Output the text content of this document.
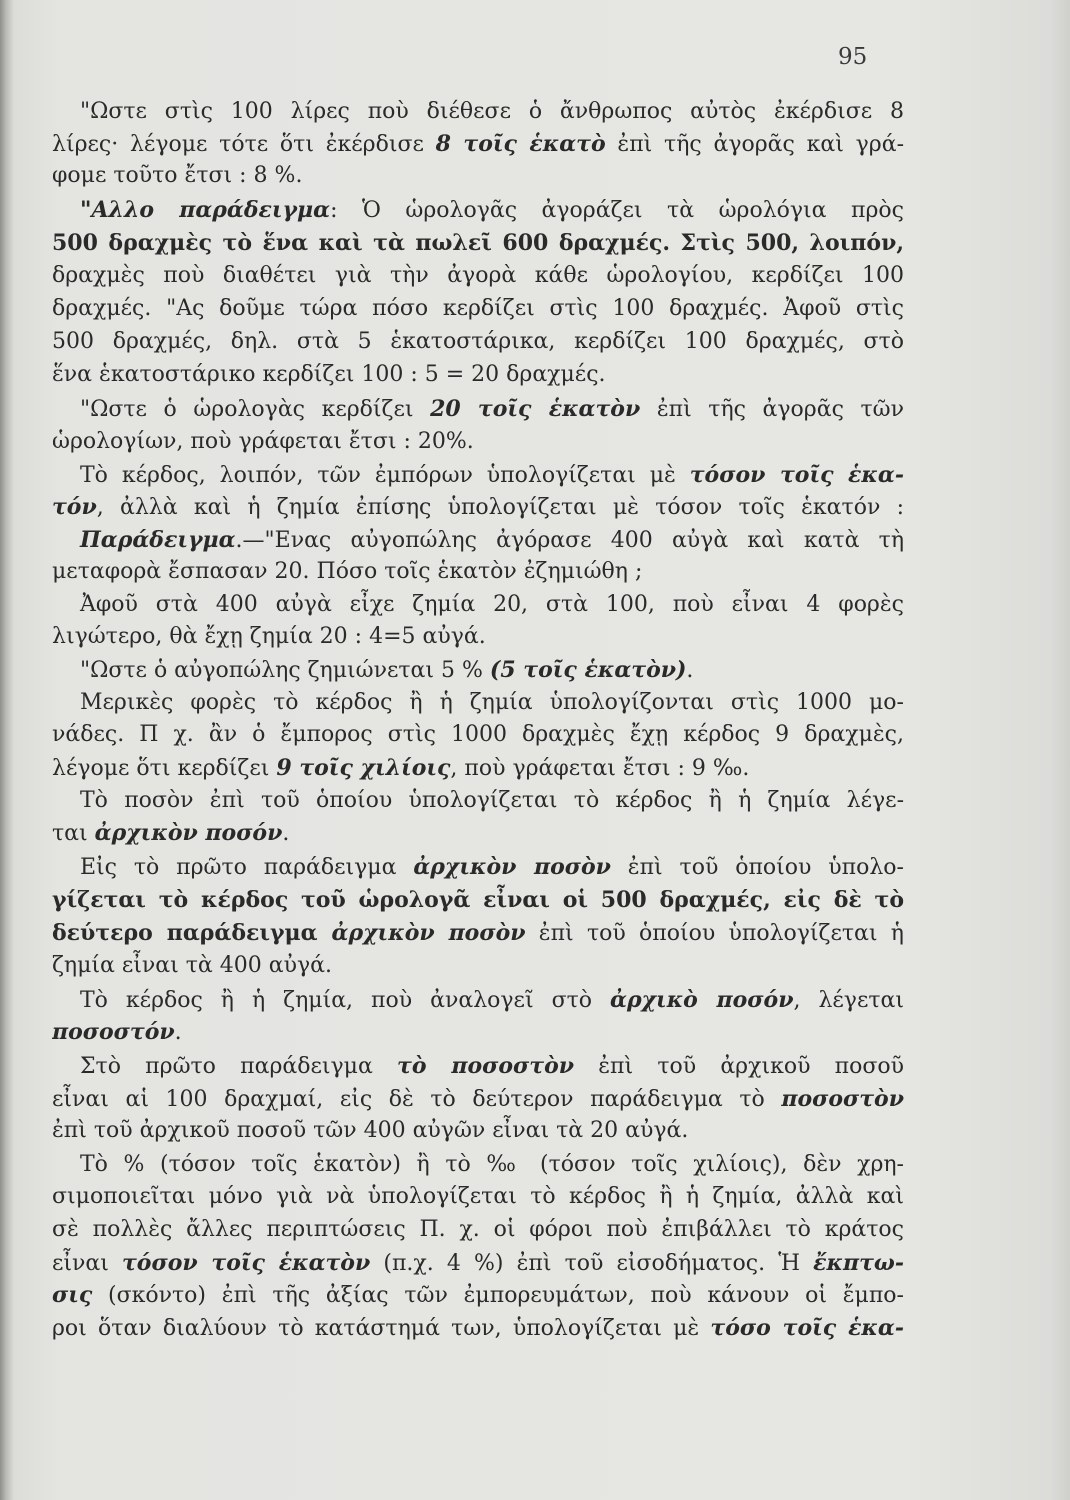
95
"Ωστε στὶς 100 λίρες ποὺ διέθεσε ὁ ἄνθρωπος αὐτὸς ἐκέρδισε 8
λίρες· λέγομε τότε ὅτι ἐκέρδισε 8 τοῖς ἑκατὸ ἐπὶ τῆς ἀγορᾶς καὶ γρά-
φομε τοῦτο ἔτσι : 8 %.
"Αλλο παράδειγμα: Ὁ ὡρολογᾶς ἀγοράζει τὰ ὡρολόγια πρὸς
500 δραχμὲς τὸ ἕνα καὶ τὰ πωλεῖ 600 δραχμές. Στὶς 500, λοιπόν,
δραχμὲς ποὺ διαθέτει γιὰ τὴν ἀγορὰ κάθε ὡρολογίου, κερδίζει 100
δραχμές. "Ας δοῦμε τώρα πόσο κερδίζει στὶς 100 δραχμές. Ἀφοῦ στὶς
500 δραχμές, δηλ. στὰ 5 ἑκατοστάρικα, κερδίζει 100 δραχμές, στὸ
ἕνα ἑκατοστάρικο κερδίζει 100 : 5 = 20 δραχμές.
"Ωστε ὁ ὡρολογὰς κερδίζει 20 τοῖς ἑκατὸν ἐπὶ τῆς ἀγορᾶς τῶν
ὡρολογίων, ποὺ γράφεται ἔτσι : 20%.
Τὸ κέρδος, λοιπόν, τῶν ἐμπόρων ὑπολογίζεται μὲ τόσον τοῖς ἑκα-
τόν, ἀλλὰ καὶ ἡ ζημία ἐπίσης ὑπολογίζεται μὲ τόσον τοῖς ἑκατόν :
Παράδειγμα.—"Ενας αὐγοπώλης ἀγόρασε 400 αὐγὰ καὶ κατὰ τὴ
μεταφορὰ ἔσπασαν 20. Πόσο τοῖς ἑκατὸν ἐζημιώθη ;
Ἀφοῦ στὰ 400 αὐγὰ εἶχε ζημία 20, στὰ 100, ποὺ εἶναι 4 φορὲς
λιγώτερο, θὰ ἔχῃ ζημία 20 : 4=5 αὐγά.
"Ωστε ὁ αὐγοπώλης ζημιώνεται 5 % (5 τοῖς ἑκατὸν).
Μερικὲς φορὲς τὸ κέρδος ἢ ἡ ζημία ὑπολογίζονται στὶς 1000 μο-
νάδες. Π χ. ἂν ὁ ἔμπορος στὶς 1000 δραχμὲς ἔχῃ κέρδος 9 δραχμὲς,
λέγομε ὅτι κερδίζει 9 τοῖς χιλίοις, ποὺ γράφεται ἔτσι : 9 ‰.
Τὸ ποσὸν ἐπὶ τοῦ ὁποίου ὑπολογίζεται τὸ κέρδος ἢ ἡ ζημία λέγε-
ται ἀρχικὸν ποσόν.
Εἰς τὸ πρῶτο παράδειγμα ἀρχικὸν ποσὸν ἐπὶ τοῦ ὁποίου ὑπολο-
γίζεται τὸ κέρδος τοῦ ὡρολογᾶ εἶναι οἱ 500 δραχμές, εἰς δὲ τὸ
δεύτερο παράδειγμα ἀρχικὸν ποσὸν ἐπὶ τοῦ ὁποίου ὑπολογίζεται ἡ
ζημία εἶναι τὰ 400 αὐγά.
Τὸ κέρδος ἢ ἡ ζημία, ποὺ ἀναλογεῖ στὸ ἀρχικὸ ποσόν, λέγεται
ποσοστόν.
Στὸ πρῶτο παράδειγμα τὸ ποσοστὸν ἐπὶ τοῦ ἀρχικοῦ ποσοῦ
εἶναι αἱ 100 δραχμαί, εἰς δὲ τὸ δεύτερον παράδειγμα τὸ ποσοστὸν
ἐπὶ τοῦ ἀρχικοῦ ποσοῦ τῶν 400 αὐγῶν εἶναι τὰ 20 αὐγά.
Τὸ % (τόσον τοῖς ἑκατὸν) ἢ τὸ ‰ (τόσον τοῖς χιλίοις), δὲν χρη-
σιμοποιεῖται μόνο γιὰ νὰ ὑπολογίζεται τὸ κέρδος ἢ ἡ ζημία, ἀλλὰ καὶ
σὲ πολλὲς ἄλλες περιπτώσεις Π. χ. οἱ φόροι ποὺ ἐπιβάλλει τὸ κράτος
εἶναι τόσον τοῖς ἑκατὸν (π.χ. 4 %) ἐπὶ τοῦ εἰσοδήματος. Ἡ ἔκπτω-
σις (σκόντο) ἐπὶ τῆς ἀξίας τῶν ἐμπορευμάτων, ποὺ κάνουν οἱ ἔμπο-
ροι ὅταν διαλύουν τὸ κατάστημά των, ὑπολογίζεται μὲ τόσο τοῖς ἑκα-
